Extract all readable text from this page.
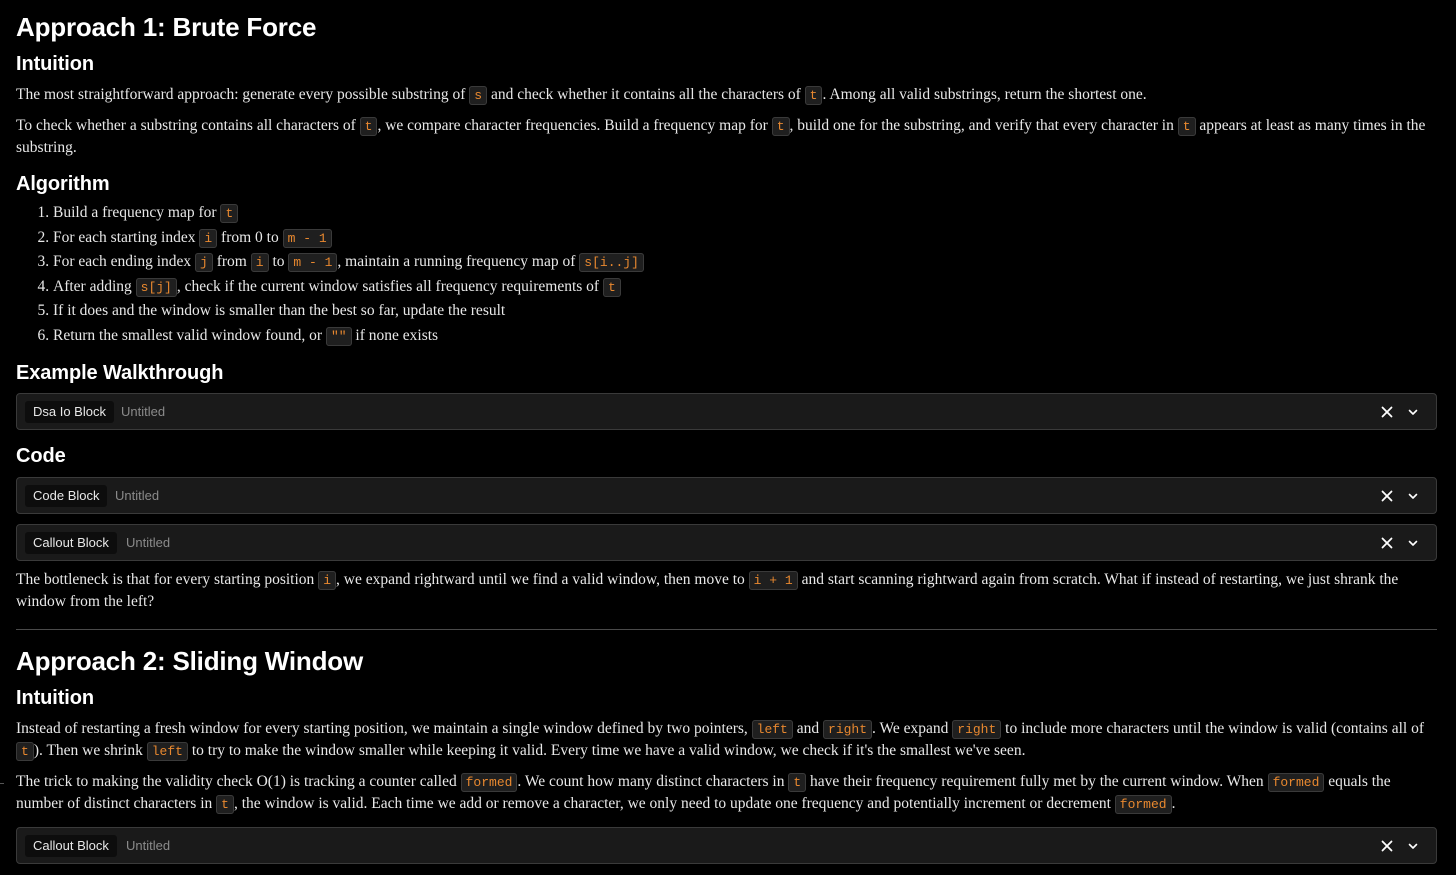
Approach 1: Brute Force
Intuition

The most straightforward approach: generate every possible substring of s and check whether it contains all the characters of t . Among all valid substrings, return the shortest one.

To check whether a substring contains all characters of t , we compare character frequencies. Build a frequency map for t , build one for the substring, and verify that every character in t appears at least as many times in the substring.

Algorithm
1. Build a frequency map for t
2. For each starting index i from 0 to m - 1
3. For each ending index j from i to m - 1 , maintain a running frequency map of s[i..j]
4. After adding s[j] , check if the current window satisfies all frequency requirements of t
5. If it does and the window is smaller than the best so far, update the result
6. Return the smallest valid window found, or "" if none exists
Example Walkthrough
Dsa Io Block	Untitled
Code
Code Block	Untitled
Callout Block	Untitled

The bottleneck is that for every starting position i , we expand rightward until we find a valid window, then move to i + 1 and start scanning rightward again from scratch. What if instead of restarting, we just shrank the window from the left?

Approach 2: Sliding Window
Intuition

Instead of restarting a fresh window for every starting position, we maintain a single window defined by two pointers, left and right . We expand right to include more characters until the window is valid (contains all of t ). Then we shrink left to try to make the window smaller while keeping it valid. Every time we have a valid window, we check if it's the smallest we've seen.

The trick to making the validity check O(1) is tracking a counter called formed . We count how many distinct characters in t have their frequency requirement fully met by the current window. When formed equals the number of distinct characters in t , the window is valid. Each time we add or remove a character, we only need to update one frequency and potentially increment or decrement formed .

Callout Block	Untitled
